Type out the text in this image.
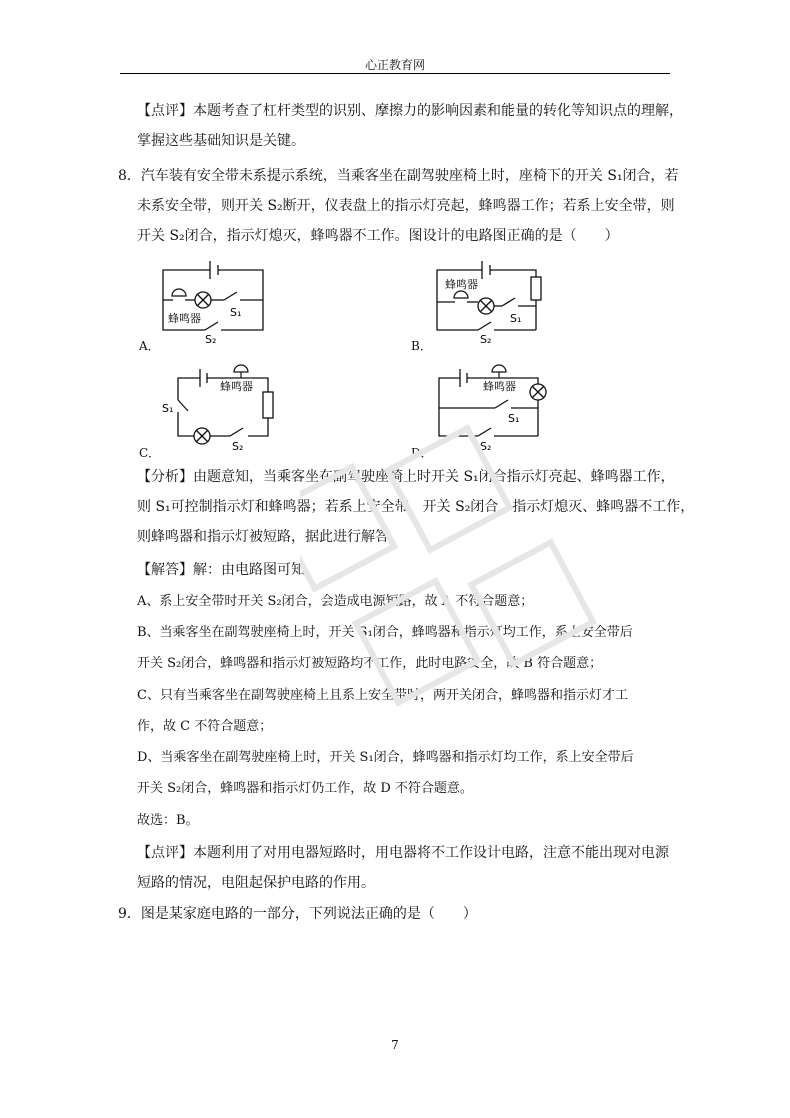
心正教育网
【点评】本题考查了杠杆类型的识别、摩擦力的影响因素和能量的转化等知识点的理解，
掌握这些基础知识是关键。
8．汽车装有安全带未系提示系统，当乘客坐在副驾驶座椅上时，座椅下的开关 S₁闭合，若
未系安全带，则开关 S₂断开，仪表盘上的指示灯亮起，蜂鸣器工作；若系上安全带，则
开关 S₂闭合，指示灯熄灭，蜂鸣器不工作。图设计的电路图正确的是（　　）
A．	B．
C．	D．
蜂鸣器	S₁
S₂
蜂鸣器
S₁
S₂
蜂鸣器
S₁
S₂
蜂鸣器
S₁
S₂
【分析】由题意知，当乘客坐在副驾驶座椅上时开关 S₁闭合指示灯亮起、蜂鸣器工作，
则 S₁可控制指示灯和蜂鸣器；若系上安全带，开关 S₂闭合，指示灯熄灭、蜂鸣器不工作，
则蜂鸣器和指示灯被短路，据此进行解答。
【解答】解：由电路图可知，
A、系上安全带时开关 S₂闭合，会造成电源短路，故 A 不符合题意；
B、当乘客坐在副驾驶座椅上时，开关 S₁闭合，蜂鸣器和指示灯均工作，系上安全带后
开关 S₂闭合，蜂鸣器和指示灯被短路均不工作，此时电路安全，故 B 符合题意；
C、只有当乘客坐在副驾驶座椅上且系上安全带时，两开关闭合，蜂鸣器和指示灯才工
作，故 C 不符合题意；
D、当乘客坐在副驾驶座椅上时，开关 S₁闭合，蜂鸣器和指示灯均工作，系上安全带后
开关 S₂闭合，蜂鸣器和指示灯仍工作，故 D 不符合题意。
故选：B。
【点评】本题利用了对用电器短路时，用电器将不工作设计电路，注意不能出现对电源
短路的情况，电阻起保护电路的作用。
9．图是某家庭电路的一部分，下列说法正确的是（　　）
7
